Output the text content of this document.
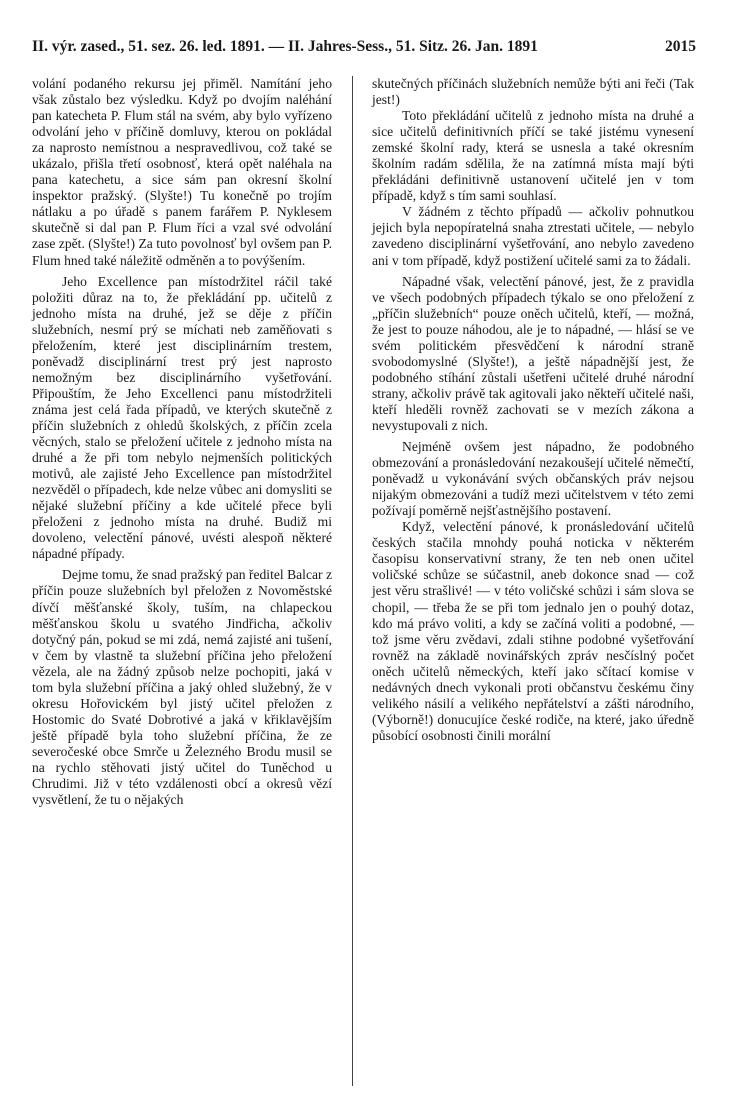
II. výr. zased., 51. sez. 26. led. 1891. — II. Jahres-Sess., 51. Sitz. 26. Jan. 1891	2015

volání podaného rekursu jej přiměl. Namítání jeho však zůstalo bez výsledku. Když po dvojím naléhání pan katecheta P. Flum stál na svém, aby bylo vyřízeno odvolání jeho v příčině domluvy, kterou on pokládal za naprosto nemístnou a nespravedlivou, což také se ukázalo, přišla třetí osobnosť, která opět naléhala na pana katechetu, a sice sám pan okresní školní inspektor pražský. (Slyšte!) Tu konečně po trojím nátlaku a po úřadě s panem farářem P. Nyklesem skutečně si dal pan P. Flum říci a vzal své odvolání zase zpět. (Slyšte!) Za tuto povolnosť byl ovšem pan P. Flum hned také náležitě odměněn a to povýšením.

Jeho Excellence pan místodržitel ráčil také položiti důraz na to, že překládání pp. učitelů z jednoho místa na druhé, jež se děje z příčin služebních, nesmí prý se míchati neb zaměňovati s přeložením, které jest disciplinárním trestem, poněvadž disciplinární trest prý jest naprosto nemožným bez disciplinárního vyšetřování. Připouštím, že Jeho Excellenci panu místodržiteli známa jest celá řada případů, ve kterých skutečně z příčin služebních z ohledů školských, z příčin zcela věcných, stalo se přeložení učitele z jednoho místa na druhé a že při tom nebylo nejmenších politických motivů, ale zajisté Jeho Excellence pan místodržitel nezvěděl o případech, kde nelze vůbec ani domysliti se nějaké služební příčiny a kde učitelé přece byli přeloženi z jednoho místa na druhé. Budiž mi dovoleno, velectění pánové, uvésti alespoň některé nápadné případy.

Dejme tomu, že snad pražský pan ředitel Balcar z příčin pouze služebních byl přeložen z Novoměstské dívčí měšťanské školy, tuším, na chlapeckou měšťanskou školu u svatého Jindřicha, ačkoliv dotyčný pán, pokud se mi zdá, nemá zajisté ani tušení, v čem by vlastně ta služební příčina jeho přeložení vězela, ale na žádný způsob nelze pochopiti, jaká v tom byla služební příčina a jaký ohled služebný, že v okresu Hořovickém byl jistý učitel přeložen z Hostomic do Svaté Dobrotivé a jaká v křiklavějším ještě případě byla toho služební příčina, že ze severočeské obce Smrče u Železného Brodu musil se na rychlo stěhovati jistý učitel do Tuněchod u Chrudimi. Již v této vzdálenosti obcí a okresů vězí vysvětlení, že tu o nějakých

skutečných příčinách služebních nemůže býti ani řeči (Tak jest!)

Toto překládání učitelů z jednoho místa na druhé a sice učitelů definitivních příčí se také jistému vynesení zemské školní rady, která se usnesla a také okresním školním radám sdělila, že na zatímná místa mají býti překládáni definitivně ustanovení učitelé jen v tom případě, když s tím sami souhlasí.

V žádném z těchto případů — ačkoliv pohnutkou jejich byla nepopíratelná snaha ztrestati učitele, — nebylo zavedeno disciplinární vyšetřování, ano nebylo zavedeno ani v tom případě, když postižení učitelé sami za to žádali.

Nápadné však, velectění pánové, jest, že z pravidla ve všech podobných případech týkalo se ono přeložení z „příčin služebních“ pouze oněch učitelů, kteří, — možná, že jest to pouze náhodou, ale je to nápadné, — hlásí se ve svém politickém přesvědčení k národní straně svobodomyslné (Slyšte!), a ještě nápadnější jest, že podobného stíhání zůstali ušetřeni učitelé druhé národní strany, ačkoliv právě tak agitovali jako někteří učitelé naši, kteří hleděli rovněž zachovati se v mezích zákona a nevystupovali z nich.

Nejméně ovšem jest nápadno, že podobného obmezování a pronásledování nezakoušejí učitelé němečtí, poněvadž u vykonávání svých občanských práv nejsou nijakým obmezováni a tudíž mezi učitelstvem v této zemi požívají poměrně nejšťastnějšího postavení.

Když, velectění pánové, k pronásledování učitelů českých stačila mnohdy pouhá noticka v některém časopisu konservativní strany, že ten neb onen učitel voličské schůze se súčastnil, aneb dokonce snad — což jest věru strašlivé! — v této voličské schůzi i sám slova se chopil, — třeba že se při tom jednalo jen o pouhý dotaz, kdo má právo voliti, a kdy se začíná voliti a podobné, — tož jsme věru zvědavi, zdali stihne podobné vyšetřování rovněž na základě novinářských zpráv nesčíslný počet oněch učitelů německých, kteří jako sčítací komise v nedávných dnech vykonali proti občanstvu českému činy velikého násilí a velikého nepřátelství a zášti národního, (Výborně!) donucujíce české rodiče, na které, jako úředně působící osobnosti činili morální
